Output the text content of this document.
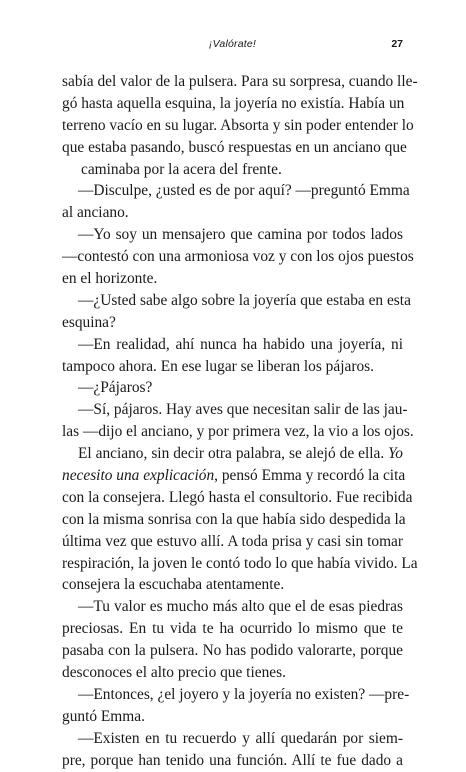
¡Valórate!	27
sabía del valor de la pulsera. Para su sorpresa, cuando lle-
gó hasta aquella esquina, la joyería no existía. Había un
terreno vacío en su lugar. Absorta y sin poder entender lo
que estaba pasando, buscó respuestas en un anciano que
caminaba por la acera del frente.
—Disculpe, ¿usted es de por aquí? —preguntó Emma
al anciano.
—Yo soy un mensajero que camina por todos lados
—contestó con una armoniosa voz y con los ojos puestos
en el horizonte.
—¿Usted sabe algo sobre la joyería que estaba en esta
esquina?
—En realidad, ahí nunca ha habido una joyería, ni
tampoco ahora. En ese lugar se liberan los pájaros.
—¿Pájaros?
—Sí, pájaros. Hay aves que necesitan salir de las jau-
las —dijo el anciano, y por primera vez, la vio a los ojos.
El anciano, sin decir otra palabra, se alejó de ella. Yo
necesito una explicación, pensó Emma y recordó la cita
con la consejera. Llegó hasta el consultorio. Fue recibida
con la misma sonrisa con la que había sido despedida la
última vez que estuvo allí. A toda prisa y casi sin tomar
respiración, la joven le contó todo lo que había vivido. La
consejera la escuchaba atentamente.
—Tu valor es mucho más alto que el de esas piedras
preciosas. En tu vida te ha ocurrido lo mismo que te
pasaba con la pulsera. No has podido valorarte, porque
desconoces el alto precio que tienes.
—Entonces, ¿el joyero y la joyería no existen? —pre-
guntó Emma.
—Existen en tu recuerdo y allí quedarán por siem-
pre, porque han tenido una función. Allí te fue dado a
